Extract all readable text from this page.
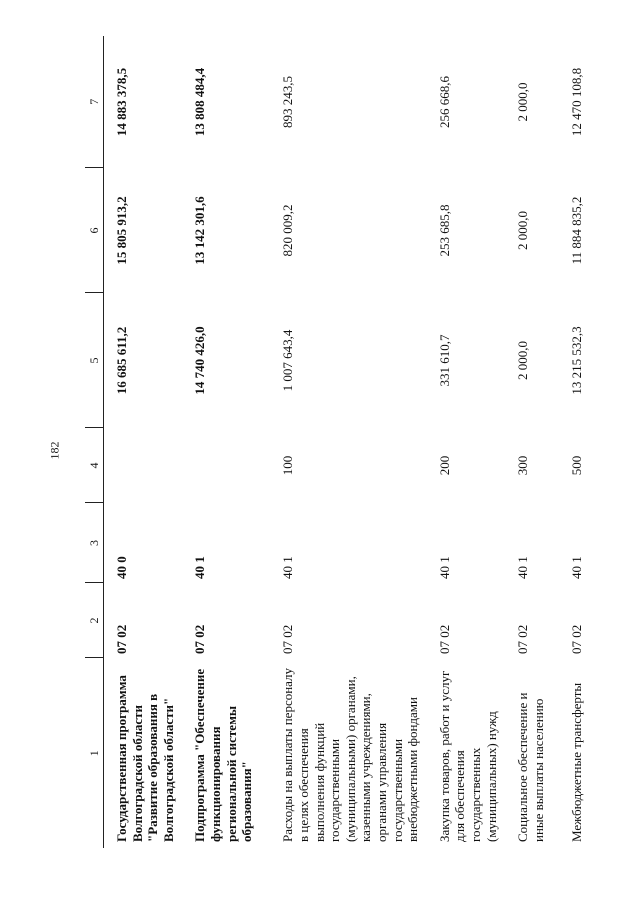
182
1	2	3	4	5	6	7
Государственная программа Волгоградской области "Развитие образования в Волгоградской области"	07 02	40 0		16 685 611,2	15 805 913,2	14 883 378,5
Подпрограмма "Обеспечение функционирования региональной системы образования"	07 02	40 1		14 740 426,0	13 142 301,6	13 808 484,4
Расходы на выплаты персоналу в целях обеспечения выполнения функций государственными (муниципальными) органами, казенными учреждениями, органами управления государственными внебюджетными фондами	07 02	40 1	100	1 007 643,4	820 009,2	893 243,5
Закупка товаров, работ и услуг для обеспечения государственных (муниципальных) нужд	07 02	40 1	200	331 610,7	253 685,8	256 668,6
Социальное обеспечение и иные выплаты населению	07 02	40 1	300	2 000,0	2 000,0	2 000,0
Межбюджетные трансферты	07 02	40 1	500	13 215 532,3	11 884 835,2	12 470 108,8
